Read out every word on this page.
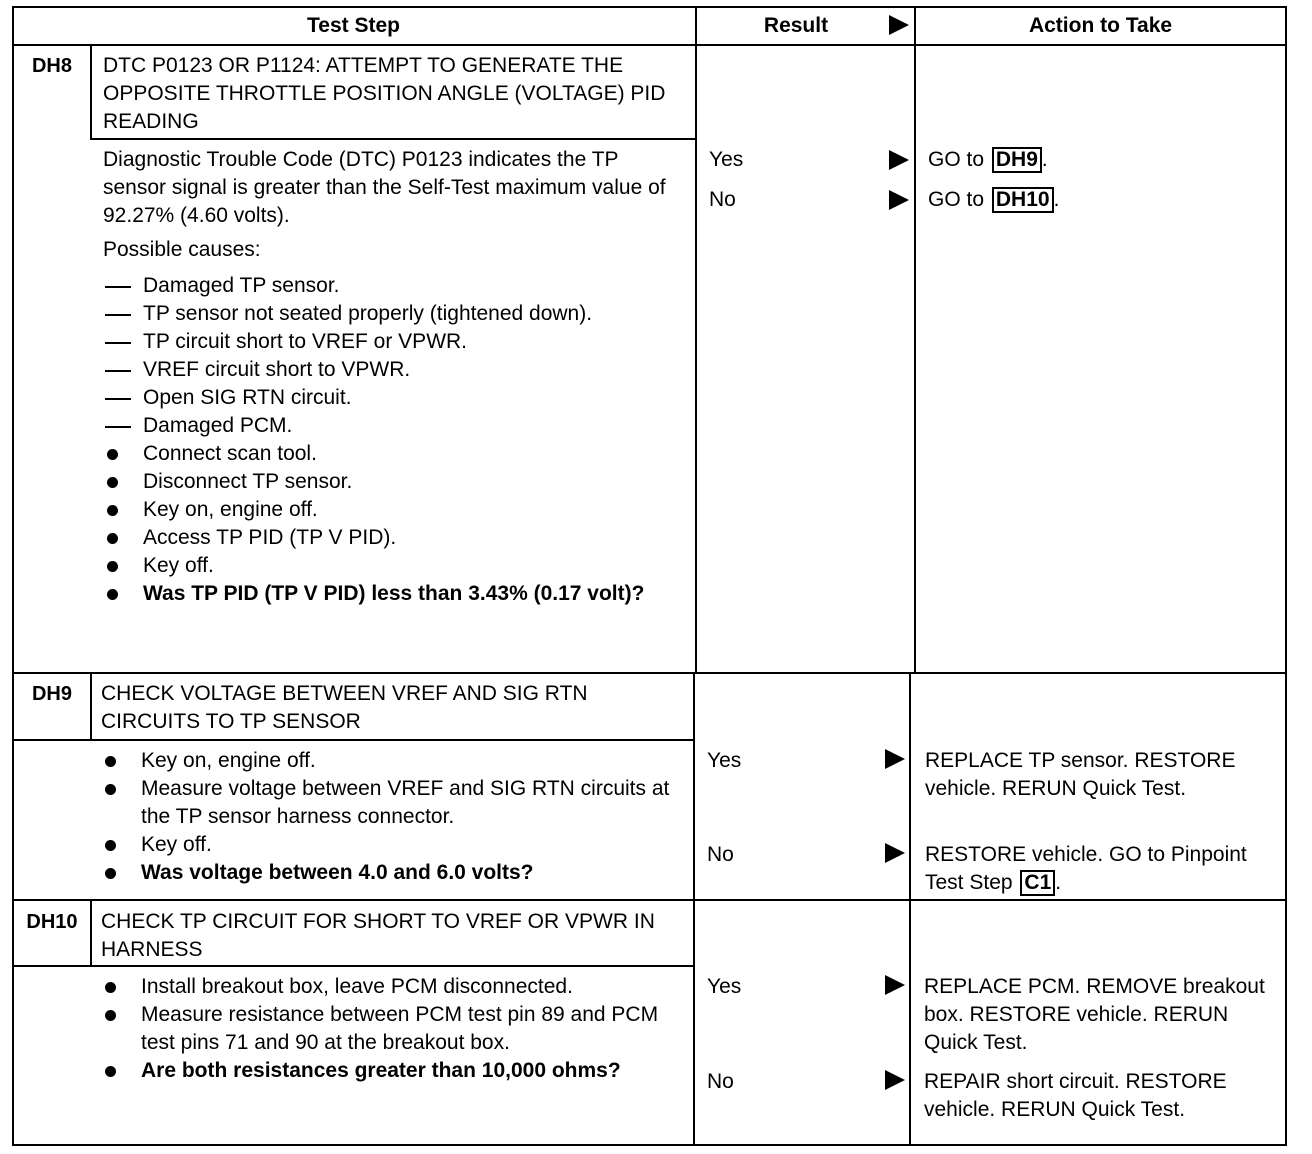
Test Step	Result	Action to Take
DH8	DTC P0123 OR P1124: ATTEMPT TO GENERATE THE OPPOSITE THROTTLE POSITION ANGLE (VOLTAGE) PID READING

Diagnostic Trouble Code (DTC) P0123 indicates the TP sensor signal is greater than the Self-Test maximum value of 92.27% (4.60 volts).

Possible causes:

Damaged TP sensor.
TP sensor not seated properly (tightened down).
TP circuit short to VREF or VPWR.
VREF circuit short to VPWR.
Open SIG RTN circuit.
Damaged PCM.
Connect scan tool.
Disconnect TP sensor.
Key on, engine off.
Access TP PID (TP V PID).
Key off.
Was TP PID (TP V PID) less than 3.43% (0.17 volt)?
Yes	GO to DH9 .
No	GO to DH10 .
DH9	CHECK VOLTAGE BETWEEN VREF AND SIG RTN CIRCUITS TO TP SENSOR
Key on, engine off.
Measure voltage between VREF and SIG RTN circuits at the TP sensor harness connector.
Key off.
Was voltage between 4.0 and 6.0 volts?
Yes	REPLACE TP sensor. RESTORE vehicle. RERUN Quick Test.
No	RESTORE vehicle. GO to Pinpoint Test Step C1 .
DH10	CHECK TP CIRCUIT FOR SHORT TO VREF OR VPWR IN HARNESS
Install breakout box, leave PCM disconnected.
Measure resistance between PCM test pin 89 and PCM test pins 71 and 90 at the breakout box.
Are both resistances greater than 10,000 ohms?
Yes	REPLACE PCM. REMOVE breakout box. RESTORE vehicle. RERUN Quick Test.
No	REPAIR short circuit. RESTORE vehicle. RERUN Quick Test.
